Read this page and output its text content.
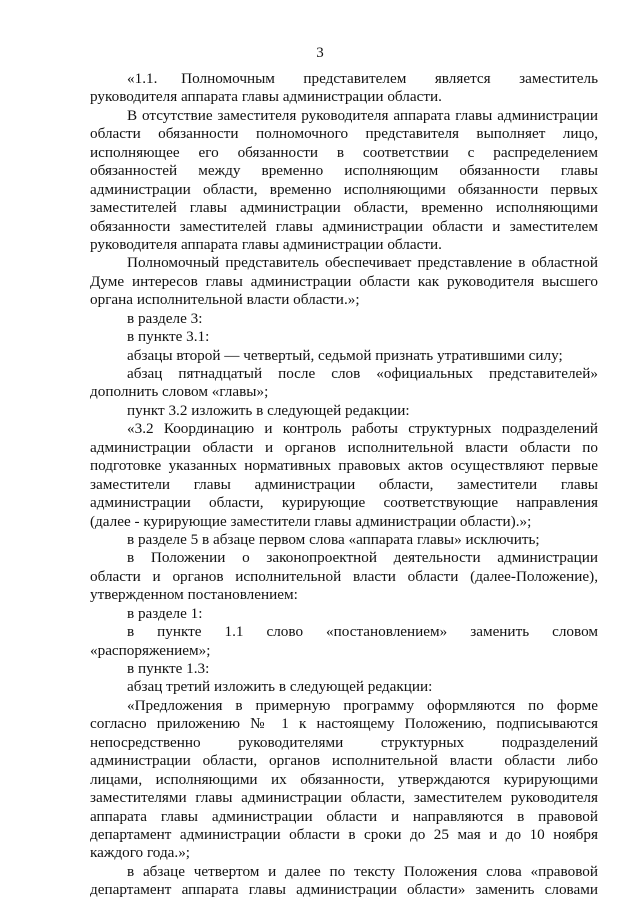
3
«1.1.     Полномочным      представителем      является      заместитель
руководителя аппарата главы администрации области.
В отсутствие заместителя руководителя аппарата главы администрации
области обязанности полномочного представителя выполняет лицо,
исполняющее его обязанности в соответствии с распределением
обязанностей между временно исполняющим обязанности главы
администрации области, временно исполняющими обязанности первых
заместителей главы администрации области, временно исполняющими
обязанности заместителей главы администрации области и заместителем
руководителя аппарата главы администрации области.
Полномочный представитель обеспечивает представление в областной
Думе интересов главы администрации области как руководителя высшего
органа исполнительной власти области.»;
в разделе 3:
в пункте 3.1:
абзацы второй — четвертый, седьмой признать утратившими силу;
абзац пятнадцатый после слов «официальных представителей»
дополнить словом «главы»;
пункт 3.2 изложить в следующей редакции:
«3.2 Координацию и контроль работы структурных подразделений
администрации области и органов исполнительной власти области по
подготовке указанных нормативных правовых актов осуществляют первые
заместители главы администрации области, заместители главы
администрации области, курирующие соответствующие направления
(далее - курирующие заместители главы администрации области).»;
в разделе 5 в абзаце первом слова «аппарата главы» исключить;
в Положении о законопроектной деятельности администрации
области и органов исполнительной власти области (далее-Положение),
утвержденном постановлением:
в разделе 1:
в      пункте      1.1      слово      «постановлением»      заменить      словом
«распоряжением»;
в пункте 1.3:
абзац третий изложить в следующей редакции:
«Предложения в примерную программу оформляются по форме
согласно приложению № 1 к настоящему Положению, подписываются
непосредственно руководителями структурных подразделений
администрации области, органов исполнительной власти области либо
лицами, исполняющими их обязанности, утверждаются курирующими
заместителями главы администрации области, заместителем руководителя
аппарата главы администрации области и направляются в правовой
департамент администрации области в сроки до 25 мая и до 10 ноября
каждого года.»;
в абзаце четвертом и далее по тексту Положения слова «правовой
департамент аппарата главы администрации области» заменить словами
